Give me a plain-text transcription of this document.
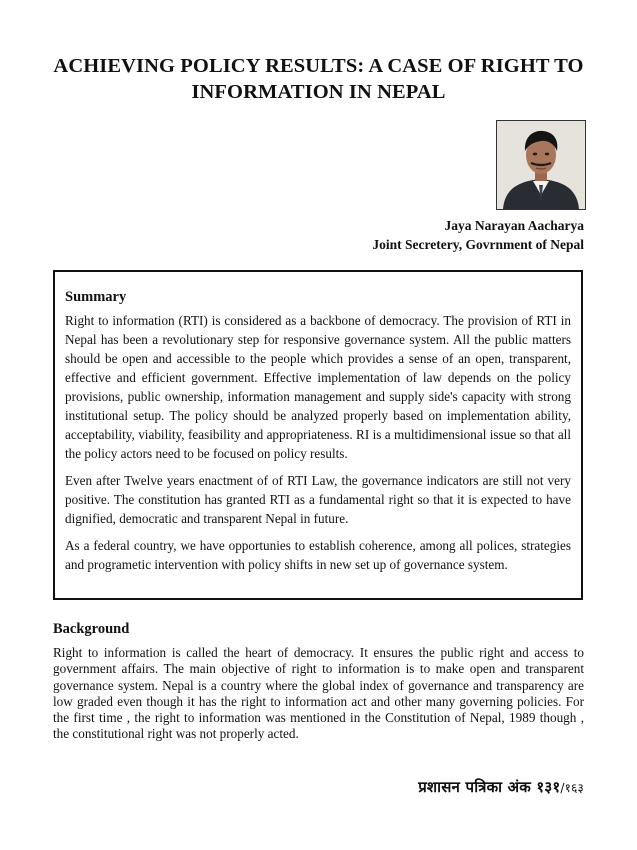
ACHIEVING POLICY RESULTS: A CASE OF RIGHT TO INFORMATION IN NEPAL
Jaya Narayan Aacharya
Joint Secretery, Govrnment of Nepal
Summary

Right to information (RTI) is considered as a backbone of democracy. The provision of RTI in Nepal has been a revolutionary step for responsive governance system. All the public matters should be open and accessible to the people which provides a sense of an open, transparent, effective and efficient government. Effective implementation of law depends on the policy provisions, public ownership, information management and supply side's capacity with strong institutional setup. The policy should be analyzed properly based on implementation ability, acceptability, viability, feasibility and appropriateness. RI is a multidimensional issue so that all the policy actors need to be focused on policy results.

Even after Twelve years enactment of of RTI Law, the governance indicators are still not very positive. The constitution has granted RTI as a fundamental right so that it is expected to have dignified, democratic and transparent Nepal in future.

As a federal country, we have opportunies to establish coherence, among all polices, strategies and programetic intervention with policy shifts in new set up of governance system.

Background

Right to information is called the heart of democracy. It ensures the public right and access to government affairs. The main objective of right to information is to make open and transparent governance system. Nepal is a country where the global index of governance and transparency are low graded even though it has the right to information act and other many governing policies. For the first time , the right to information was mentioned in the Constitution of Nepal, 1989 though , the constitutional right was not properly acted.

प्रशासन पत्रिका अंक १३१/१६३
